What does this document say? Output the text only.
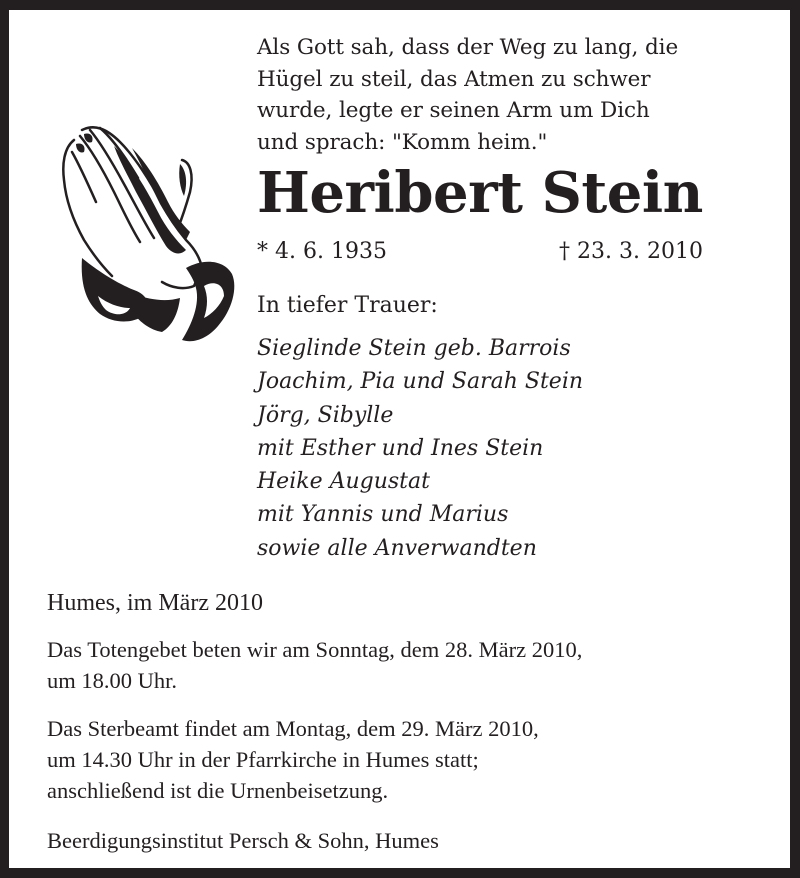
Als Gott sah, dass der Weg zu lang, die
Hügel zu steil, das Atmen zu schwer
wurde, legte er seinen Arm um Dich
und sprach: "Komm heim."
Heribert Stein
* 4. 6. 1935	† 23. 3. 2010
In tiefer Trauer:
Sieglinde Stein geb. Barrois
Joachim, Pia und Sarah Stein
Jörg, Sibylle
mit Esther und Ines Stein
Heike Augustat
mit Yannis und Marius
sowie alle Anverwandten
Humes, im März 2010
Das Totengebet beten wir am Sonntag, dem 28. März 2010,
um 18.00 Uhr.
Das Sterbeamt findet am Montag, dem 29. März 2010,
um 14.30 Uhr in der Pfarrkirche in Humes statt;
anschließend ist die Urnenbeisetzung.
Beerdigungsinstitut Persch & Sohn, Humes
